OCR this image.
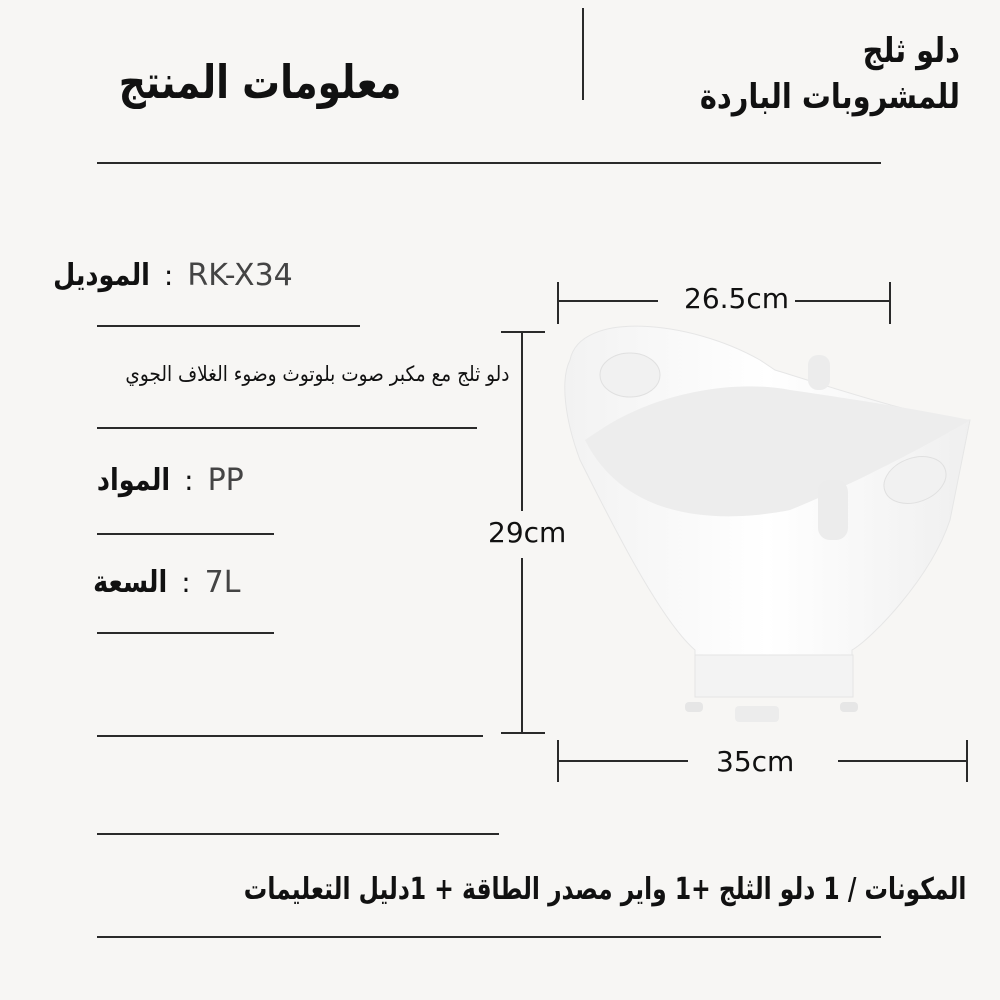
معلومات المنتج
دلو ثلج
للمشروبات الباردة
الموديل : RK-X34
دلو ثلج مع مكبر صوت بلوتوث وضوء الغلاف الجوي
المواد : PP
السعة : 7L
26.5cm
29cm
35cm
المكونات / 1 دلو الثلج +1 واير مصدر الطاقة + 1دليل التعليمات
